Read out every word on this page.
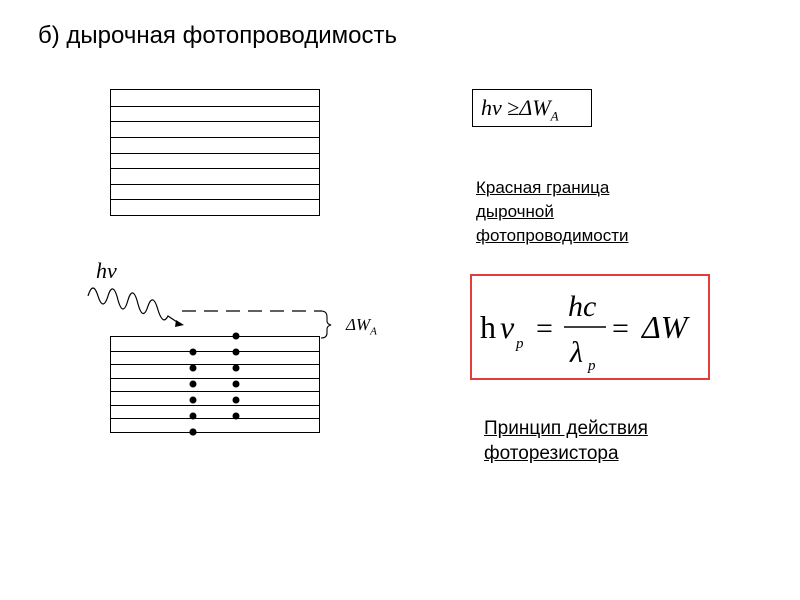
б) дырочная фотопроводимость
hν
$\Delta W_A$
$h\nu \ge\Delta W_A$
Красная граница
дырочной
фотопроводимости
h ν p =
hc
λ p
= ΔW
Принцип действия
фоторезистора
